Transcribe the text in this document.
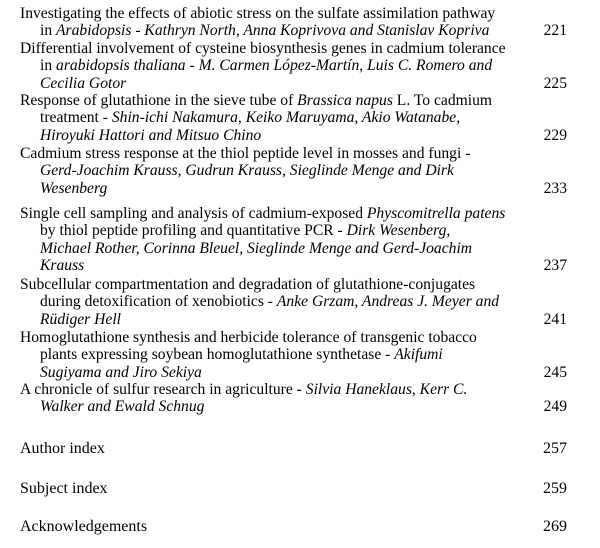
Investigating the effects of abiotic stress on the sulfate assimilation pathway
in Arabidopsis - Kathryn North, Anna Koprivova and Stanislav Kopriva	221
Differential involvement of cysteine biosynthesis genes in cadmium tolerance
in arabidopsis thaliana - M. Carmen López-Martín, Luis C. Romero and
Cecilia Gotor	225
Response of glutathione in the sieve tube of Brassica napus L. To cadmium
treatment - Shin-ichi Nakamura, Keiko Maruyama, Akio Watanabe,
Hiroyuki Hattori and Mitsuo Chino	229
Cadmium stress response at the thiol peptide level in mosses and fungi -
Gerd-Joachim Krauss, Gudrun Krauss, Sieglinde Menge and Dirk
Wesenberg	233
Single cell sampling and analysis of cadmium-exposed Physcomitrella patens
by thiol peptide profiling and quantitative PCR - Dirk Wesenberg,
Michael Rother, Corinna Bleuel, Sieglinde Menge and Gerd-Joachim
Krauss	237
Subcellular compartmentation and degradation of glutathione-conjugates
during detoxification of xenobiotics - Anke Grzam, Andreas J. Meyer and
Rüdiger Hell	241
Homoglutathione synthesis and herbicide tolerance of transgenic tobacco
plants expressing soybean homoglutathione synthetase - Akifumi
Sugiyama and Jiro Sekiya	245
A chronicle of sulfur research in agriculture - Silvia Haneklaus, Kerr C.
Walker and Ewald Schnug	249
Author index	257
Subject index	259
Acknowledgements	269
